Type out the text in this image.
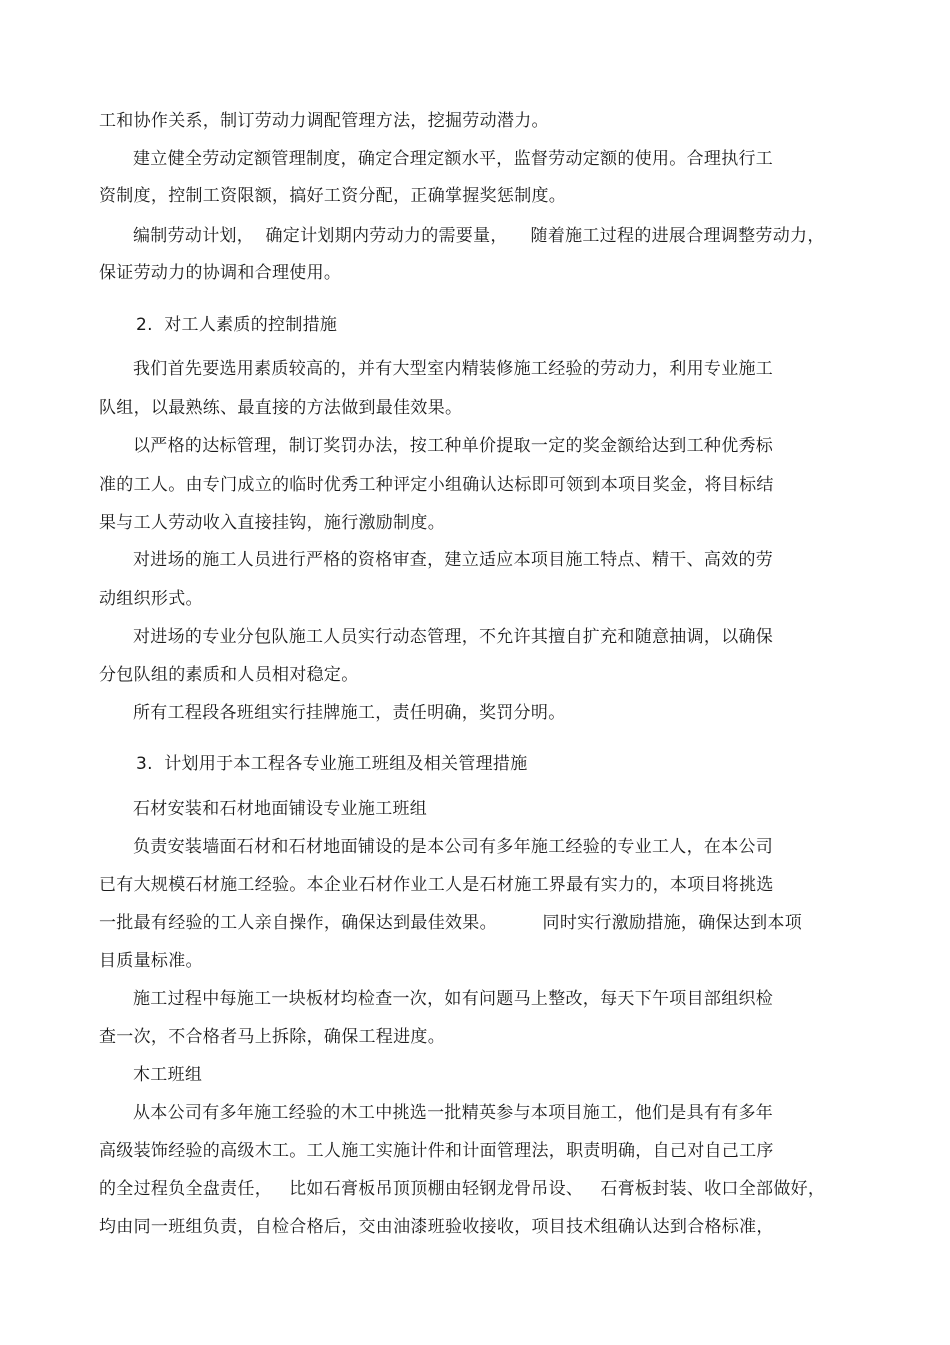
工和协作关系，制订劳动力调配管理方法，挖掘劳动潜力。
建立健全劳动定额管理制度，确定合理定额水平，监督劳动定额的使用。合理执行工
资制度，控制工资限额，搞好工资分配，正确掌握奖惩制度。
编制劳动计划，  确定计划期内劳动力的需要量，    随着施工过程的进展合理调整劳动力，
保证劳动力的协调和合理使用。
2.  对工人素质的控制措施
我们首先要选用素质较高的，并有大型室内精装修施工经验的劳动力，利用专业施工
队组，以最熟练、最直接的方法做到最佳效果。
以严格的达标管理，制订奖罚办法，按工种单价提取一定的奖金额给达到工种优秀标
准的工人。由专门成立的临时优秀工种评定小组确认达标即可领到本项目奖金，将目标结
果与工人劳动收入直接挂钩，施行激励制度。
对进场的施工人员进行严格的资格审查，建立适应本项目施工特点、精干、高效的劳
动组织形式。
对进场的专业分包队施工人员实行动态管理，不允许其擅自扩充和随意抽调，以确保
分包队组的素质和人员相对稳定。
所有工程段各班组实行挂牌施工，责任明确，奖罚分明。
3.  计划用于本工程各专业施工班组及相关管理措施
石材安装和石材地面铺设专业施工班组
负责安装墙面石材和石材地面铺设的是本公司有多年施工经验的专业工人，在本公司
已有大规模石材施工经验。本企业石材作业工人是石材施工界最有实力的，本项目将挑选
一批最有经验的工人亲自操作，确保达到最佳效果。        同时实行激励措施，确保达到本项
目质量标准。
施工过程中每施工一块板材均检查一次，如有问题马上整改，每天下午项目部组织检
查一次，不合格者马上拆除，确保工程进度。
木工班组
从本公司有多年施工经验的木工中挑选一批精英参与本项目施工，他们是具有有多年
高级装饰经验的高级木工。工人施工实施计件和计面管理法，职责明确，自己对自己工序
的全过程负全盘责任，   比如石膏板吊顶顶棚由轻钢龙骨吊设、   石膏板封装、收口全部做好，
均由同一班组负责，自检合格后，交由油漆班验收接收，项目技术组确认达到合格标准，
